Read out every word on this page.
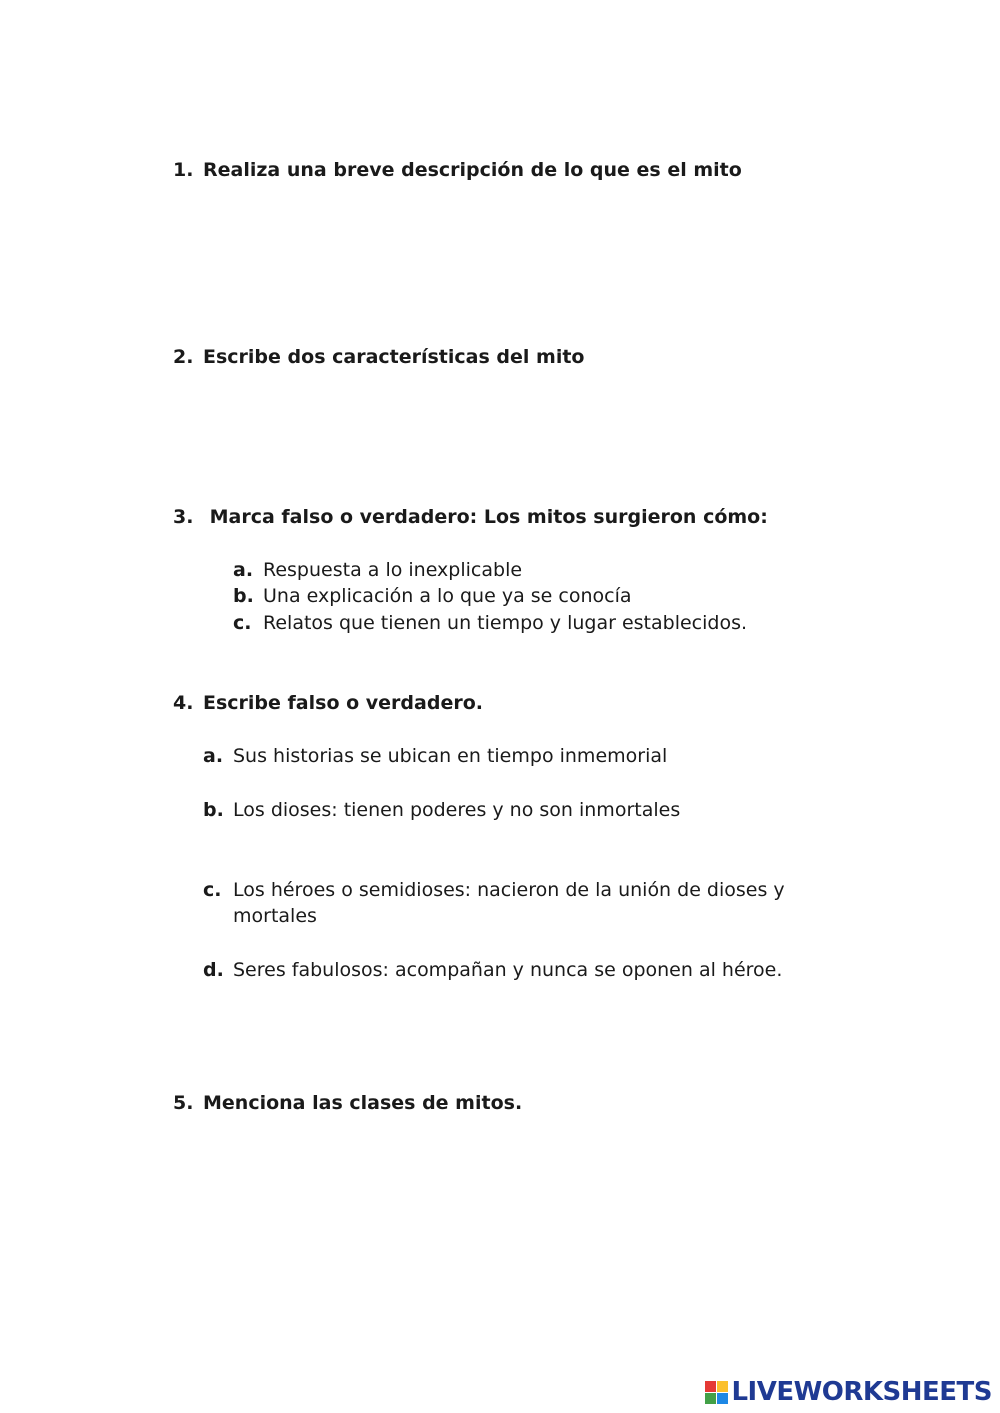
1. Realiza una breve descripción de lo que es el mito
2. Escribe dos características del mito
3. Marca falso o verdadero: Los mitos surgieron cómo:
a. Respuesta a lo inexplicable
b. Una explicación a lo que ya se conocía
c. Relatos que tienen un tiempo y lugar establecidos.
4. Escribe falso o verdadero.
a. Sus historias se ubican en tiempo inmemorial
b. Los dioses: tienen poderes y no son inmortales
c. Los héroes o semidioses: nacieron de la unión de dioses y mortales
d. Seres fabulosos: acompañan y nunca se oponen al héroe.
5. Menciona las clases de mitos.
LIVEWORKSHEETS
